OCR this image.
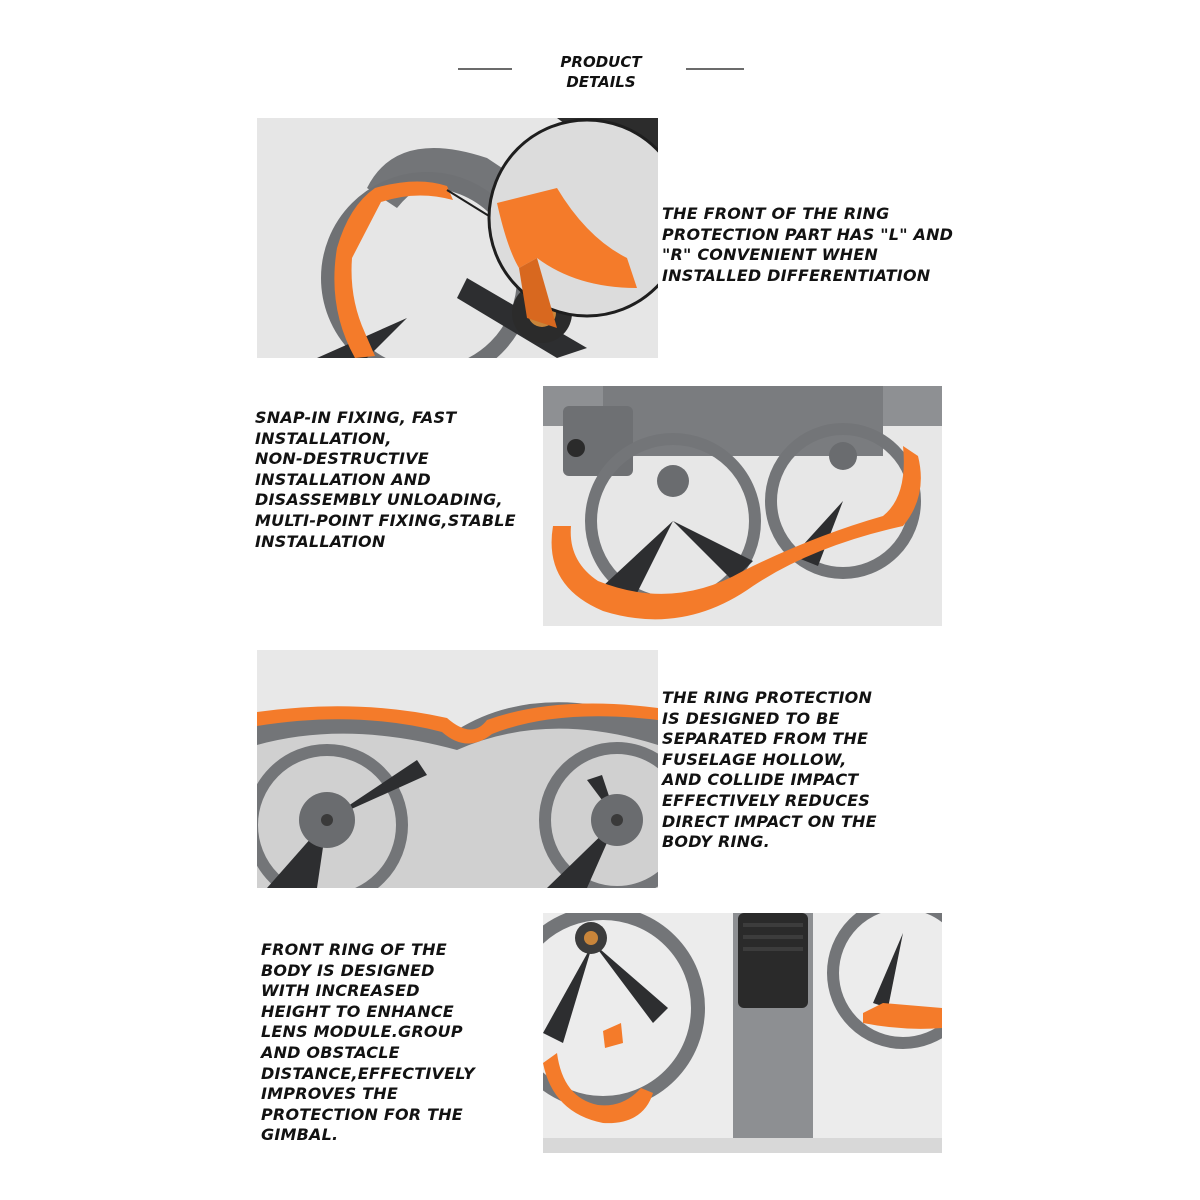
PRODUCT
DETAILS
THE FRONT OF THE RING
PROTECTION PART HAS "L" AND
"R" CONVENIENT WHEN
INSTALLED DIFFERENTIATION
SNAP-IN FIXING, FAST
INSTALLATION,
NON-DESTRUCTIVE
INSTALLATION AND
DISASSEMBLY UNLOADING,
MULTI-POINT FIXING,STABLE
INSTALLATION
THE RING PROTECTION
IS DESIGNED TO BE
SEPARATED FROM THE
FUSELAGE HOLLOW,
AND COLLIDE IMPACT
EFFECTIVELY REDUCES
DIRECT IMPACT ON THE
BODY RING.
FRONT RING OF THE
BODY IS DESIGNED
WITH INCREASED
HEIGHT TO ENHANCE
LENS MODULE.GROUP
AND OBSTACLE
DISTANCE,EFFECTIVELY
IMPROVES THE
PROTECTION FOR THE
GIMBAL.
